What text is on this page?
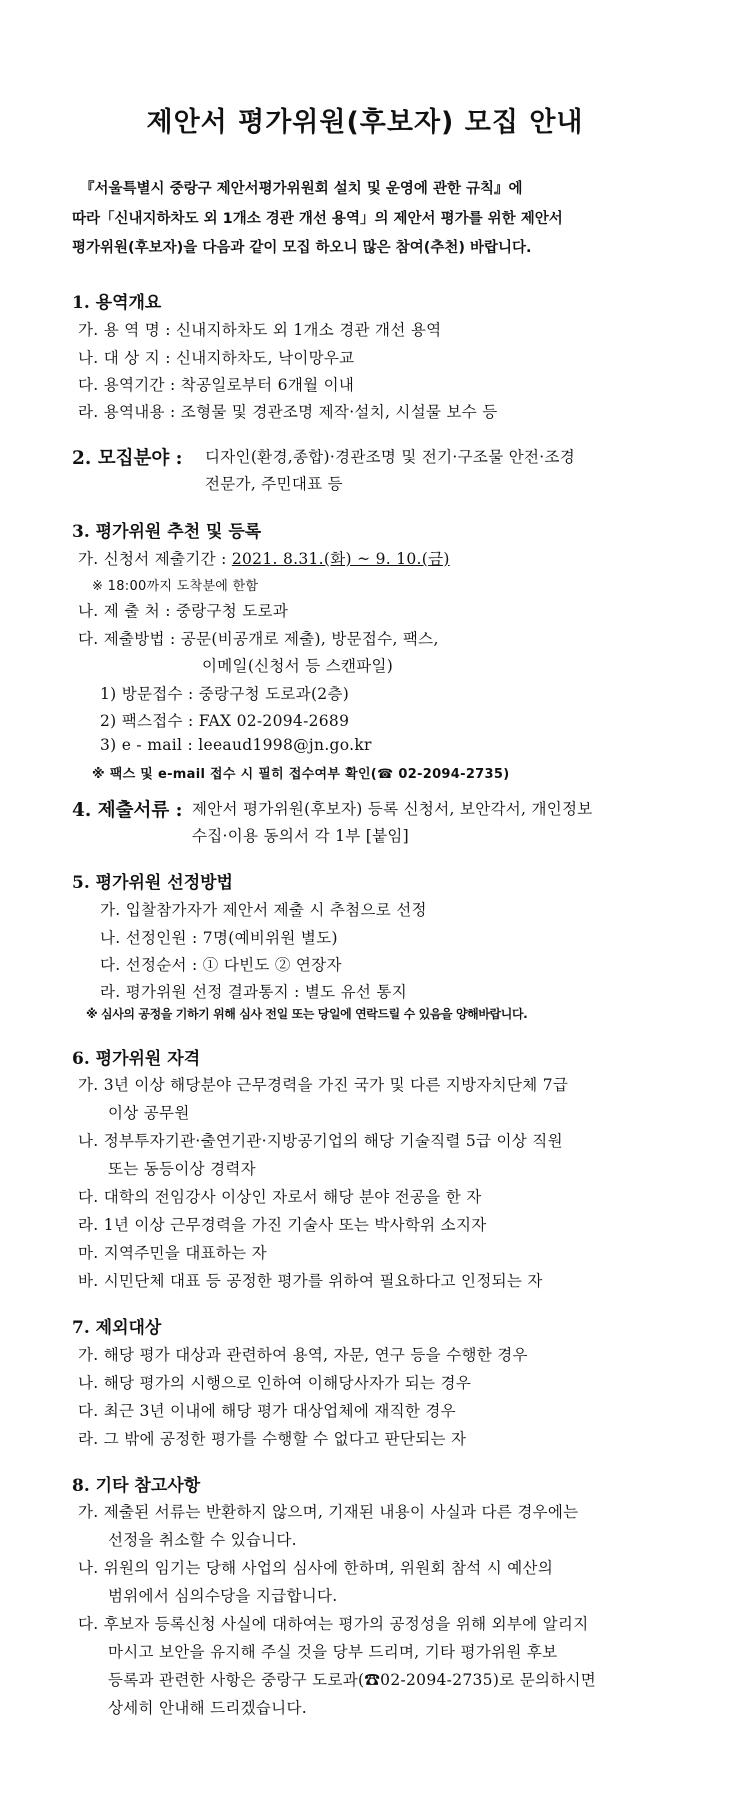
제안서 평가위원(후보자) 모집 안내
『서울특별시 중랑구 제안서평가위원회 설치 및 운영에 관한 규칙』에
따라「신내지하차도 외 1개소 경관 개선 용역」의 제안서 평가를 위한 제안서
평가위원(후보자)을 다음과 같이 모집 하오니 많은 참여(추천) 바랍니다.
1. 용역개요
가. 용 역 명 : 신내지하차도 외 1개소 경관 개선 용역
나. 대 상 지 : 신내지하차도, 낙이망우교
다. 용역기간 : 착공일로부터 6개월 이내
라. 용역내용 : 조형물 및 경관조명 제작·설치, 시설물 보수 등
2. 모집분야 : 디자인(환경,종합)·경관조명 및 전기·구조물 안전·조경
전문가, 주민대표 등
3. 평가위원 추천 및 등록
가. 신청서 제출기간 : 2021. 8.31.(화) ~ 9. 10.(금)
※ 18:00까지 도착분에 한함
나. 제 출 처 : 중랑구청 도로과
다. 제출방법 : 공문(비공개로 제출), 방문접수, 팩스,
이메일(신청서 등 스캔파일)
1) 방문접수 : 중랑구청 도로과(2층)
2) 팩스접수 : FAX 02-2094-2689
3) e - mail : leeaud1998@jn.go.kr
※ 팩스 및 e-mail 접수 시 필히 접수여부 확인(☎ 02-2094-2735)
4. 제출서류 : 제안서 평가위원(후보자) 등록 신청서, 보안각서, 개인정보
수집·이용 동의서 각 1부 [붙임]
5. 평가위원 선정방법
가. 입찰참가자가 제안서 제출 시 추첨으로 선정
나. 선정인원 : 7명(예비위원 별도)
다. 선정순서 : ① 다빈도 ② 연장자
라. 평가위원 선정 결과통지 : 별도 유선 통지
※ 심사의 공정을 기하기 위해 심사 전일 또는 당일에 연락드릴 수 있음을 양해바랍니다.
6. 평가위원 자격
가. 3년 이상 해당분야 근무경력을 가진 국가 및 다른 지방자치단체 7급
이상 공무원
나. 정부투자기관·출연기관·지방공기업의 해당 기술직렬 5급 이상 직원
또는 동등이상 경력자
다. 대학의 전임강사 이상인 자로서 해당 분야 전공을 한 자
라. 1년 이상 근무경력을 가진 기술사 또는 박사학위 소지자
마. 지역주민을 대표하는 자
바. 시민단체 대표 등 공정한 평가를 위하여 필요하다고 인정되는 자
7. 제외대상
가. 해당 평가 대상과 관련하여 용역, 자문, 연구 등을 수행한 경우
나. 해당 평가의 시행으로 인하여 이해당사자가 되는 경우
다. 최근 3년 이내에 해당 평가 대상업체에 재직한 경우
라. 그 밖에 공정한 평가를 수행할 수 없다고 판단되는 자
8. 기타 참고사항
가. 제출된 서류는 반환하지 않으며, 기재된 내용이 사실과 다른 경우에는
선정을 취소할 수 있습니다.
나. 위원의 임기는 당해 사업의 심사에 한하며, 위원회 참석 시 예산의
범위에서 심의수당을 지급합니다.
다. 후보자 등록신청 사실에 대하여는 평가의 공정성을 위해 외부에 알리지
마시고 보안을 유지해 주실 것을 당부 드리며, 기타 평가위원 후보
등록과 관련한 사항은 중랑구 도로과(☎02-2094-2735)로 문의하시면
상세히 안내해 드리겠습니다.
